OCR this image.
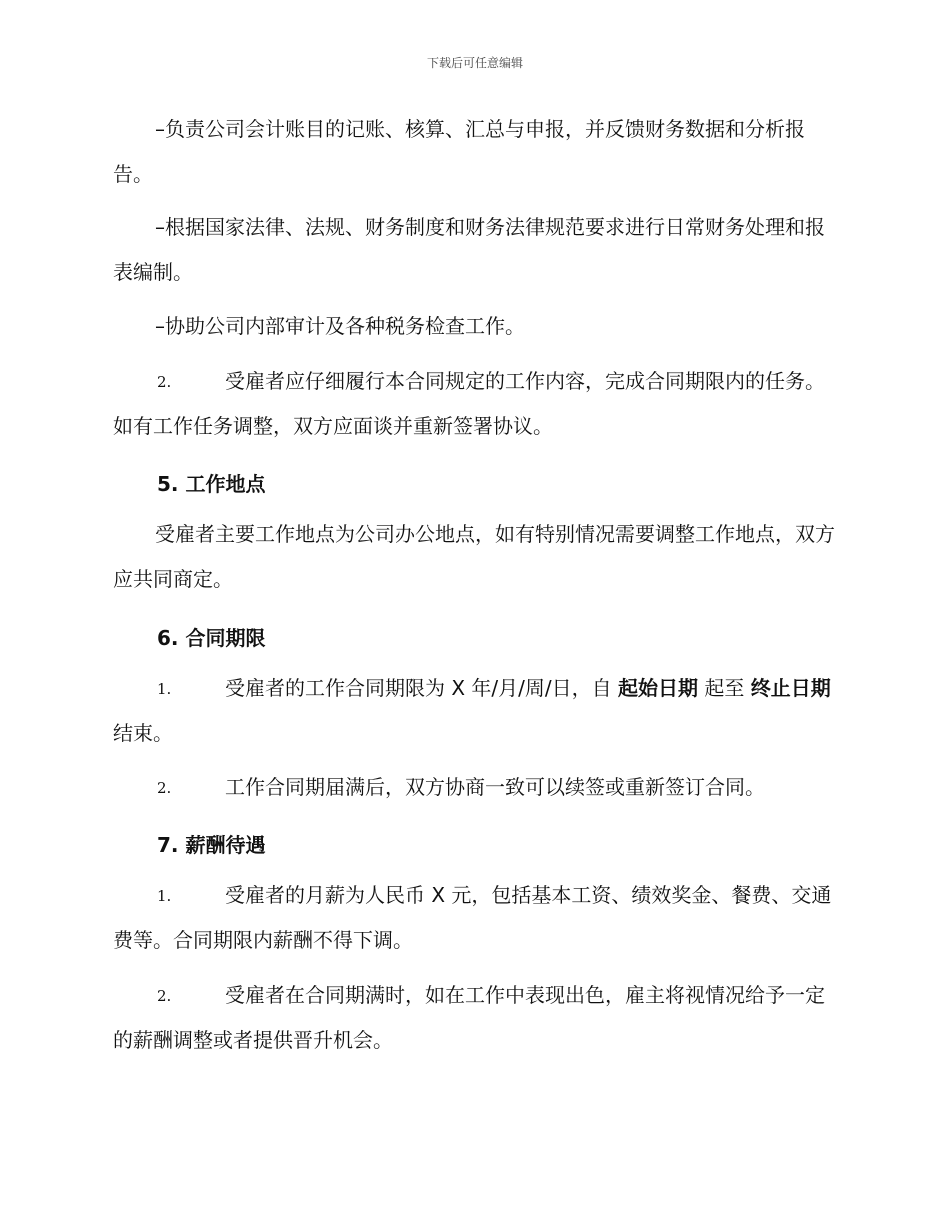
下载后可任意编辑
–负责公司会计账目的记账、核算、汇总与申报，并反馈财务数据和分析报告。
–根据国家法律、法规、财务制度和财务法律规范要求进行日常财务处理和报表编制。
–协助公司内部审计及各种税务检查工作。
2.	受雇者应仔细履行本合同规定的工作内容，完成合同期限内的任务。如有工作任务调整，双方应面谈并重新签署协议。
5. 工作地点
受雇者主要工作地点为公司办公地点，如有特别情况需要调整工作地点，双方应共同商定。
6. 合同期限
1.	受雇者的工作合同期限为 X 年/月/周/日，自 起始日期 起至 终止日期 结束。
2.	工作合同期届满后，双方协商一致可以续签或重新签订合同。
7. 薪酬待遇
1.	受雇者的月薪为人民币 X 元，包括基本工资、绩效奖金、餐费、交通费等。合同期限内薪酬不得下调。
2.	受雇者在合同期满时，如在工作中表现出色，雇主将视情况给予一定的薪酬调整或者提供晋升机会。
